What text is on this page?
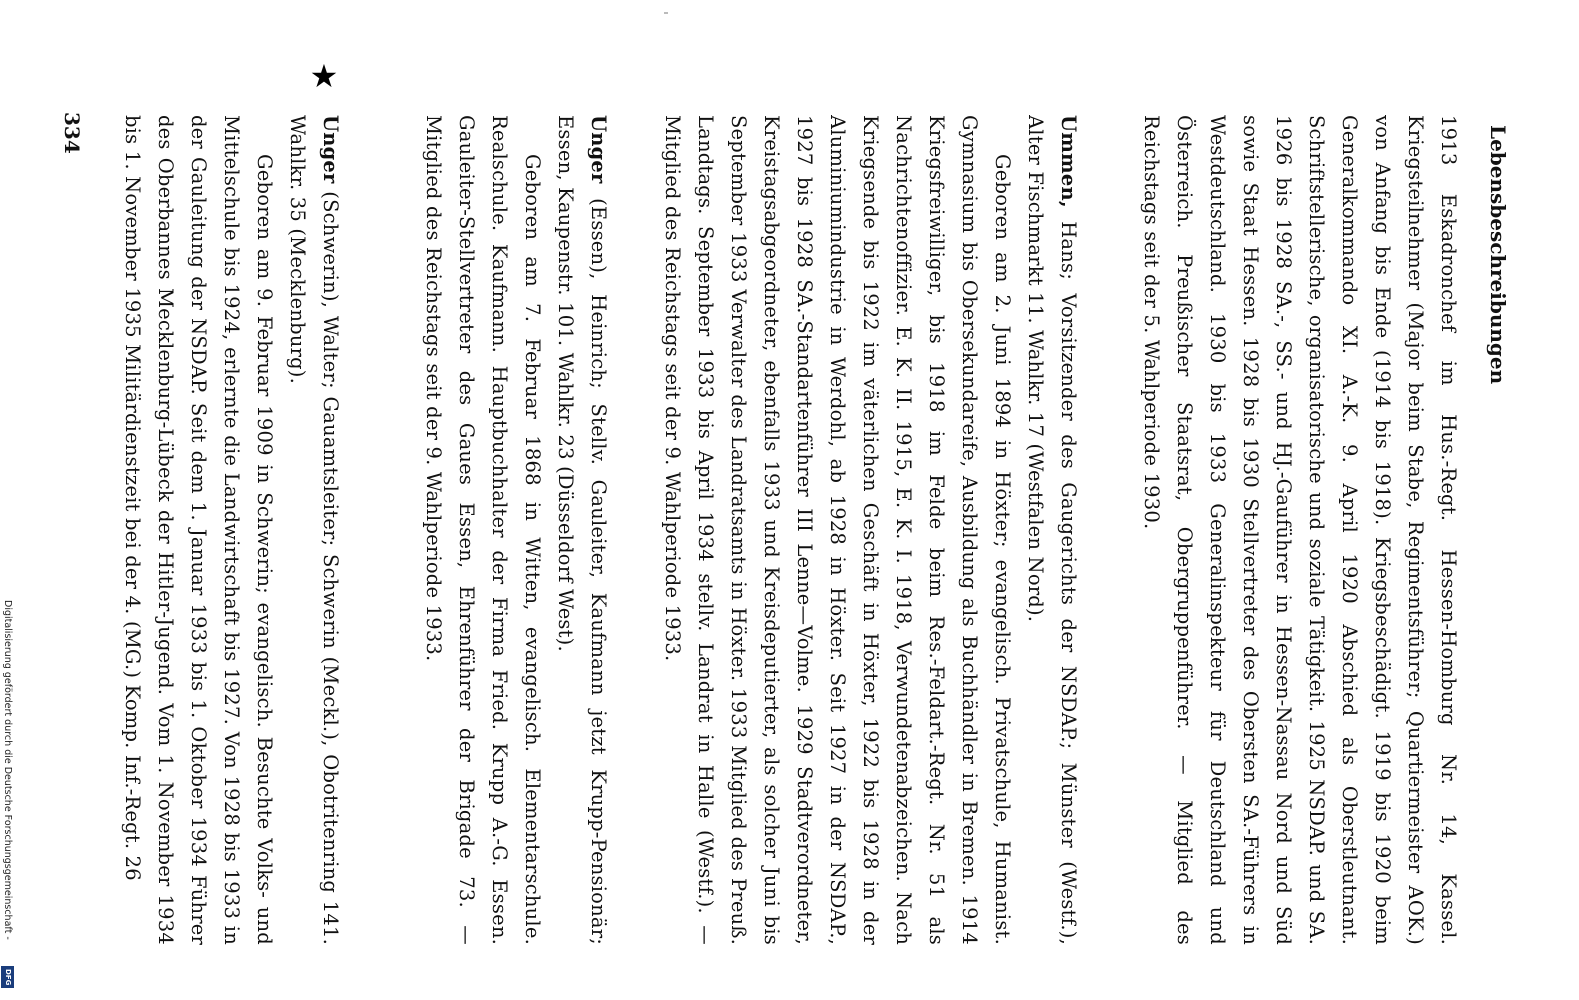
Lebensbeschreibungen
1913 Eskadronchef im Hus.-Regt. Hessen-Homburg Nr. 14, Kassel. Kriegsteilnehmer (Major beim Stabe, Regimentsführer; Quartiermeister AOK.) von Anfang bis Ende (1914 bis 1918). Kriegsbeschädigt. 1919 bis 1920 beim Generalkommando XI. A.-K. 9. April 1920 Abschied als Oberstleutnant. Schriftstellerische, organisatorische und soziale Tätigkeit. 1925 NSDAP. und SA. 1926 bis 1928 SA.-, SS.- und HJ.-Gauführer in Hessen-Nassau Nord und Süd sowie Staat Hessen. 1928 bis 1930 Stellvertreter des Obersten SA.-Führers in Westdeutschland. 1930 bis 1933 Generalinspekteur für Deutschland und Österreich. Preußischer Staatsrat, Obergruppenführer. — Mitglied des Reichstags seit der 5. Wahlperiode 1930.
Ummen, Hans; Vorsitzender des Gaugerichts der NSDAP.; Münster (Westf.), Alter Fischmarkt 11. Wahlkr. 17 (Westfalen Nord).
Geboren am 2. Juni 1894 in Höxter; evangelisch. Privatschule, Humanist. Gymnasium bis Obersekundareife, Ausbildung als Buchhändler in Bremen. 1914 Kriegsfreiwilliger, bis 1918 im Felde beim Res.-Feldart.-Regt. Nr. 51 als Nachrichtenoffizier. E. K. II. 1915, E. K. I. 1918, Verwundetenabzeichen. Nach Kriegsende bis 1922 im väterlichen Geschäft in Höxter, 1922 bis 1928 in der Aluminiumindustrie in Werdohl, ab 1928 in Höxter. Seit 1927 in der NSDAP., 1927 bis 1928 SA.-Standartenführer III Lenne—Volme. 1929 Stadtverordneter, Kreistagsabgeordneter, ebenfalls 1933 und Kreisdeputierter, als solcher Juni bis September 1933 Verwalter des Landratsamts in Höxter. 1933 Mitglied des Preuß. Landtags. September 1933 bis April 1934 stellv. Landrat in Halle (Westf.). — Mitglied des Reichstags seit der 9. Wahlperiode 1933.
Unger (Essen), Heinrich; Stellv. Gauleiter, Kaufmann jetzt Krupp-Pensionär; Essen, Kaupenstr. 101. Wahlkr. 23 (Düsseldorf West).
Geboren am 7. Februar 1868 in Witten, evangelisch. Elementarschule. Realschule. Kaufmann. Hauptbuchhalter der Firma Fried. Krupp A.-G. Essen. Gauleiter-Stellvertreter des Gaues Essen, Ehrenführer der Brigade 73. — Mitglied des Reichstags seit der 9. Wahlperiode 1933.
★
Unger (Schwerin), Walter; Gauamtsleiter; Schwerin (Meckl.), Obotritenring 141. Wahlkr. 35 (Mecklenburg).
Geboren am 9. Februar 1909 in Schwerin; evangelisch. Besuchte Volks- und Mittelschule bis 1924, erlernte die Landwirtschaft bis 1927. Von 1928 bis 1933 in der Gauleitung der NSDAP. Seit dem 1. Januar 1933 bis 1. Oktober 1934 Führer des Oberbannes Mecklenburg-Lübeck der Hitler-Jugend. Vom 1. November 1934 bis 1. November 1935 Militärdienstzeit bei der 4. (MG.) Komp. Inf.-Regt. 26
334
Digitalisierung gefördert durch die Deutsche Forschungsgemeinschaft -
DFG
